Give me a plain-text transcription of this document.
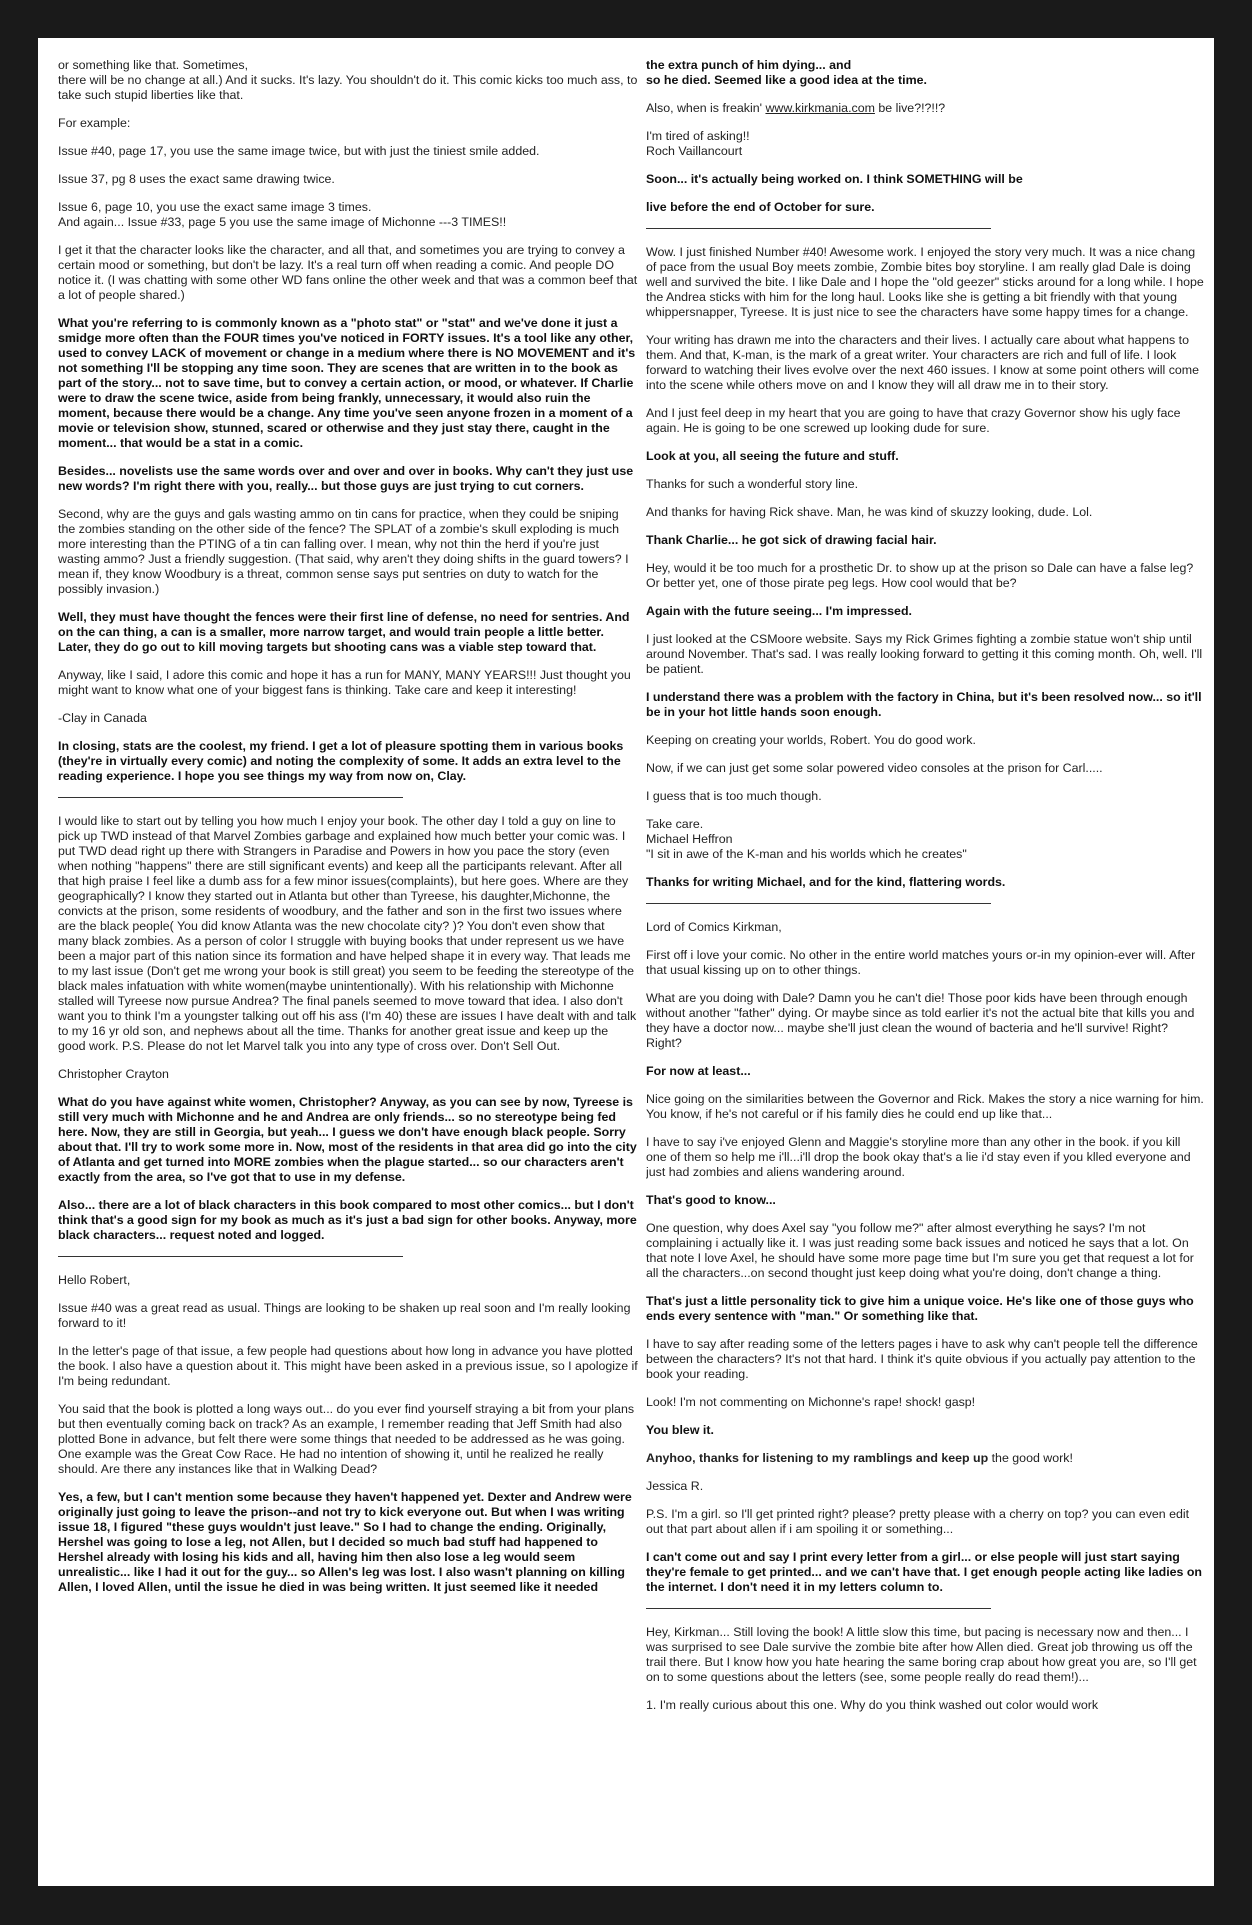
or something like that. Sometimes,
there will be no change at all.) And it sucks. It's lazy. You shouldn't do it. This comic kicks too much ass, to take such stupid liberties like that.

For example:

Issue #40, page 17, you use the same image twice, but with just the tiniest smile added.

Issue 37, pg 8 uses the exact same drawing twice.

Issue 6, page 10, you use the exact same image 3 times.
And again... Issue #33, page 5 you use the same image of Michonne ---3 TIMES!!

I get it that the character looks like the character, and all that, and sometimes you are trying to convey a certain mood or something, but don't be lazy. It's a real turn off when reading a comic. And people DO notice it. (I was chatting with some other WD fans online the other week and that was a common beef that a lot of people shared.)

What you're referring to is commonly known as a "photo stat" or "stat" and we've done it just a smidge more often than the FOUR times you've noticed in FORTY issues. It's a tool like any other, used to convey LACK of movement or change in a medium where there is NO MOVEMENT and it's not something I'll be stopping any time soon. They are scenes that are written in to the book as part of the story... not to save time, but to convey a certain action, or mood, or whatever. If Charlie were to draw the scene twice, aside from being frankly, unnecessary, it would also ruin the moment, because there would be a change. Any time you've seen anyone frozen in a moment of a movie or television show, stunned, scared or otherwise and they just stay there, caught in the moment... that would be a stat in a comic.

Besides... novelists use the same words over and over and over in books. Why can't they just use new words? I'm right there with you, really... but those guys are just trying to cut corners.

Second, why are the guys and gals wasting ammo on tin cans for practice, when they could be sniping the zombies standing on the other side of the fence? The SPLAT of a zombie's skull exploding is much more interesting than the PTING of a tin can falling over. I mean, why not thin the herd if you're just wasting ammo? Just a friendly suggestion. (That said, why aren't they doing shifts in the guard towers? I mean if, they know Woodbury is a threat, common sense says put sentries on duty to watch for the possibly invasion.)

Well, they must have thought the fences were their first line of defense, no need for sentries. And on the can thing, a can is a smaller, more narrow target, and would train people a little better. Later, they do go out to kill moving targets but shooting cans was a viable step toward that.

Anyway, like I said, I adore this comic and hope it has a run for MANY, MANY YEARS!!! Just thought you might want to know what one of your biggest fans is thinking. Take care and keep it interesting!

-Clay in Canada

In closing, stats are the coolest, my friend. I get a lot of pleasure spotting them in various books (they're in virtually every comic) and noting the complexity of some. It adds an extra level to the reading experience. I hope you see things my way from now on, Clay.

I would like to start out by telling you how much I enjoy your book. The other day I told a guy on line to pick up TWD instead of that Marvel Zombies garbage and explained how much better your comic was. I put TWD dead right up there with Strangers in Paradise and Powers in how you pace the story (even when nothing "happens" there are still significant events) and keep all the participants relevant. After all that high praise I feel like a dumb ass for a few minor issues(complaints), but here goes. Where are they geographically? I know they started out in Atlanta but other than Tyreese, his daughter,Michonne, the convicts at the prison, some residents of woodbury, and the father and son in the first two issues where are the black people( You did know Atlanta was the new chocolate city? )? You don't even show that many black zombies. As a person of color I struggle with buying books that under represent us we have been a major part of this nation since its formation and have helped shape it in every way. That leads me to my last issue (Don't get me wrong your book is still great) you seem to be feeding the stereotype of the black males infatuation with white women(maybe unintentionally). With his relationship with Michonne stalled will Tyreese now pursue Andrea? The final panels seemed to move toward that idea. I also don't want you to think I'm a youngster talking out off his ass (I'm 40) these are issues I have dealt with and talk to my 16 yr old son, and nephews about all the time. Thanks for another great issue and keep up the good work. P.S. Please do not let Marvel talk you into any type of cross over. Don't Sell Out.

Christopher Crayton

What do you have against white women, Christopher? Anyway, as you can see by now, Tyreese is still very much with Michonne and he and Andrea are only friends... so no stereotype being fed here. Now, they are still in Georgia, but yeah... I guess we don't have enough black people. Sorry about that. I'll try to work some more in. Now, most of the residents in that area did go into the city of Atlanta and get turned into MORE zombies when the plague started... so our characters aren't exactly from the area, so I've got that to use in my defense.

Also... there are a lot of black characters in this book compared to most other comics... but I don't think that's a good sign for my book as much as it's just a bad sign for other books. Anyway, more black characters... request noted and logged.

Hello Robert,

Issue #40 was a great read as usual. Things are looking to be shaken up real soon and I'm really looking forward to it!

In the letter's page of that issue, a few people had questions about how long in advance you have plotted the book. I also have a question about it. This might have been asked in a previous issue, so I apologize if I'm being redundant.

You said that the book is plotted a long ways out... do you ever find yourself straying a bit from your plans but then eventually coming back on track? As an example, I remember reading that Jeff Smith had also plotted Bone in advance, but felt there were some things that needed to be addressed as he was going.
One example was the Great Cow Race. He had no intention of showing it, until he realized he really should. Are there any instances like that in Walking Dead?

Yes, a few, but I can't mention some because they haven't happened yet. Dexter and Andrew were originally just going to leave the prison--and not try to kick everyone out. But when I was writing issue 18, I figured "these guys wouldn't just leave." So I had to change the ending. Originally, Hershel was going to lose a leg, not Allen, but I decided so much bad stuff had happened to Hershel already with losing his kids and all, having him then also lose a leg would seem unrealistic... like I had it out for the guy... so Allen's leg was lost. I also wasn't planning on killing Allen, I loved Allen, until the issue he died in was being written. It just seemed like it needed

the extra punch of him dying... and
so he died. Seemed like a good idea at the time.

Also, when is freakin' www.kirkmania.com be live?!?!!?

I'm tired of asking!!
Roch Vaillancourt

Soon... it's actually being worked on. I think SOMETHING will be

live before the end of October for sure.

Wow. I just finished Number #40! Awesome work. I enjoyed the story very much. It was a nice chang of pace from the usual Boy meets zombie, Zombie bites boy storyline. I am really glad Dale is doing well and survived the bite. I like Dale and I hope the "old geezer" sticks around for a long while. I hope the Andrea sticks with him for the long haul. Looks like she is getting a bit friendly with that young whippersnapper, Tyreese. It is just nice to see the characters have some happy times for a change.

Your writing has drawn me into the characters and their lives. I actually care about what happens to them. And that, K-man, is the mark of a great writer. Your characters are rich and full of life. I look forward to watching their lives evolve over the next 460 issues. I know at some point others will come into the scene while others move on and I know they will all draw me in to their story.

And I just feel deep in my heart that you are going to have that crazy Governor show his ugly face again. He is going to be one screwed up looking dude for sure.

Look at you, all seeing the future and stuff.

Thanks for such a wonderful story line.

And thanks for having Rick shave. Man, he was kind of skuzzy looking, dude. Lol.

Thank Charlie... he got sick of drawing facial hair.

Hey, would it be too much for a prosthetic Dr. to show up at the prison so Dale can have a false leg? Or better yet, one of those pirate peg legs. How cool would that be?

Again with the future seeing... I'm impressed.

I just looked at the CSMoore website. Says my Rick Grimes fighting a zombie statue won't ship until around November. That's sad. I was really looking forward to getting it this coming month. Oh, well. I'll be patient.

I understand there was a problem with the factory in China, but it's been resolved now... so it'll be in your hot little hands soon enough.

Keeping on creating your worlds, Robert. You do good work.

Now, if we can just get some solar powered video consoles at the prison for Carl.....

I guess that is too much though.

Take care.
Michael Heffron
"I sit in awe of the K-man and his worlds which he creates"

Thanks for writing Michael, and for the kind, flattering words.

Lord of Comics Kirkman,

First off i love your comic. No other in the entire world matches yours or-in my opinion-ever will. After that usual kissing up on to other things.

What are you doing with Dale? Damn you he can't die! Those poor kids have been through enough without another "father" dying. Or maybe since as told earlier it's not the actual bite that kills you and they have a doctor now... maybe she'll just clean the wound of bacteria and he'll survive! Right? Right?

For now at least...

Nice going on the similarities between the Governor and Rick. Makes the story a nice warning for him. You know, if he's not careful or if his family dies he could end up like that...

I have to say i've enjoyed Glenn and Maggie's storyline more than any other in the book. if you kill one of them so help me i'll...i'll drop the book okay that's a lie i'd stay even if you klled everyone and just had zombies and aliens wandering around.

That's good to know...

One question, why does Axel say "you follow me?" after almost everything he says? I'm not complaining i actually like it. I was just reading some back issues and noticed he says that a lot. On that note I love Axel, he should have some more page time but I'm sure you get that request a lot for all the characters...on second thought just keep doing what you're doing, don't change a thing.

That's just a little personality tick to give him a unique voice. He's like one of those guys who ends every sentence with "man." Or something like that.

I have to say after reading some of the letters pages i have to ask why can't people tell the difference between the characters? It's not that hard. I think it's quite obvious if you actually pay attention to the book your reading.

Look! I'm not commenting on Michonne's rape! shock! gasp!

You blew it.

Anyhoo, thanks for listening to my ramblings and keep up the good work!

Jessica R.

P.S. I'm a girl. so I'll get printed right? please? pretty please with a cherry on top? you can even edit out that part about allen if i am spoiling it or something...

I can't come out and say I print every letter from a girl... or else people will just start saying they're female to get printed... and we can't have that. I get enough people acting like ladies on the internet. I don't need it in my letters column to.

Hey, Kirkman... Still loving the book! A little slow this time, but pacing is necessary now and then... I was surprised to see Dale survive the zombie bite after how Allen died. Great job throwing us off the trail there. But I know how you hate hearing the same boring crap about how great you are, so I'll get on to some questions about the letters (see, some people really do read them!)...

1. I'm really curious about this one. Why do you think washed out color would work
